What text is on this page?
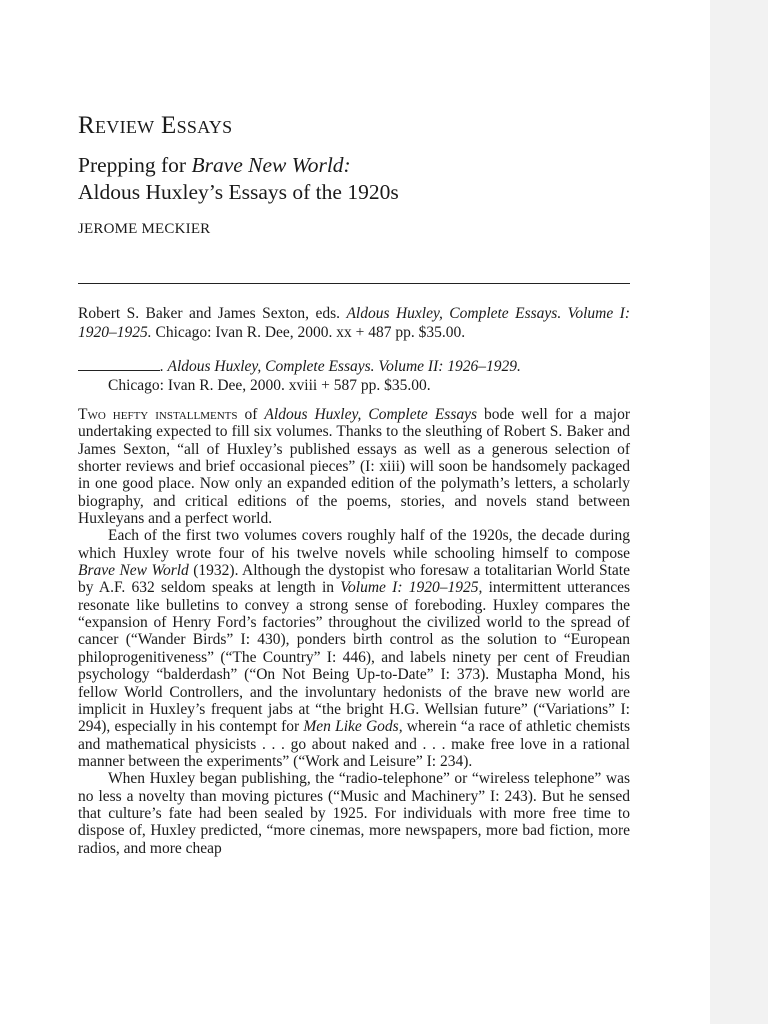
Review Essays
Prepping for Brave New World:
Aldous Huxley’s Essays of the 1920s
JEROME MECKIER
Robert S. Baker and James Sexton, eds. Aldous Huxley, Complete Essays. Volume I: 1920–1925. Chicago: Ivan R. Dee, 2000. xx + 487 pp. $35.00.
. Aldous Huxley, Complete Essays. Volume II: 1926–1929.
Chicago: Ivan R. Dee, 2000. xviii + 587 pp. $35.00.

Two hefty installments of Aldous Huxley, Complete Essays bode well for a major undertaking expected to fill six volumes. Thanks to the sleuthing of Robert S. Baker and James Sexton, “all of Huxley’s published essays as well as a generous selection of shorter reviews and brief occasional pieces” (I: xiii) will soon be handsomely packaged in one good place. Now only an expanded edition of the polymath’s letters, a scholarly biography, and critical editions of the poems, stories, and novels stand between Huxleyans and a perfect world.

Each of the first two volumes covers roughly half of the 1920s, the decade during which Huxley wrote four of his twelve novels while schooling himself to compose Brave New World (1932). Although the dystopist who foresaw a totalitarian World State by A.F. 632 seldom speaks at length in Volume I: 1920–1925, intermittent utterances resonate like bulletins to convey a strong sense of foreboding. Huxley compares the “expansion of Henry Ford’s factories” throughout the civilized world to the spread of cancer (“Wander Birds” I: 430), ponders birth control as the solution to “European philoprogenitiveness” (“The Country” I: 446), and labels ninety per cent of Freudian psychology “balderdash” (“On Not Being Up-to-Date” I: 373). Mustapha Mond, his fellow World Controllers, and the involuntary hedonists of the brave new world are implicit in Huxley’s frequent jabs at “the bright H.G. Wellsian future” (“Variations” I: 294), especially in his contempt for Men Like Gods, wherein “a race of athletic chemists and mathematical physicists . . . go about naked and . . . make free love in a rational manner between the experiments” (“Work and Leisure” I: 234).

When Huxley began publishing, the “radio-telephone” or “wireless telephone” was no less a novelty than moving pictures (“Music and Machinery” I: 243). But he sensed that culture’s fate had been sealed by 1925. For individuals with more free time to dispose of, Huxley predicted, “more cinemas, more newspapers, more bad fiction, more radios, and more cheap
